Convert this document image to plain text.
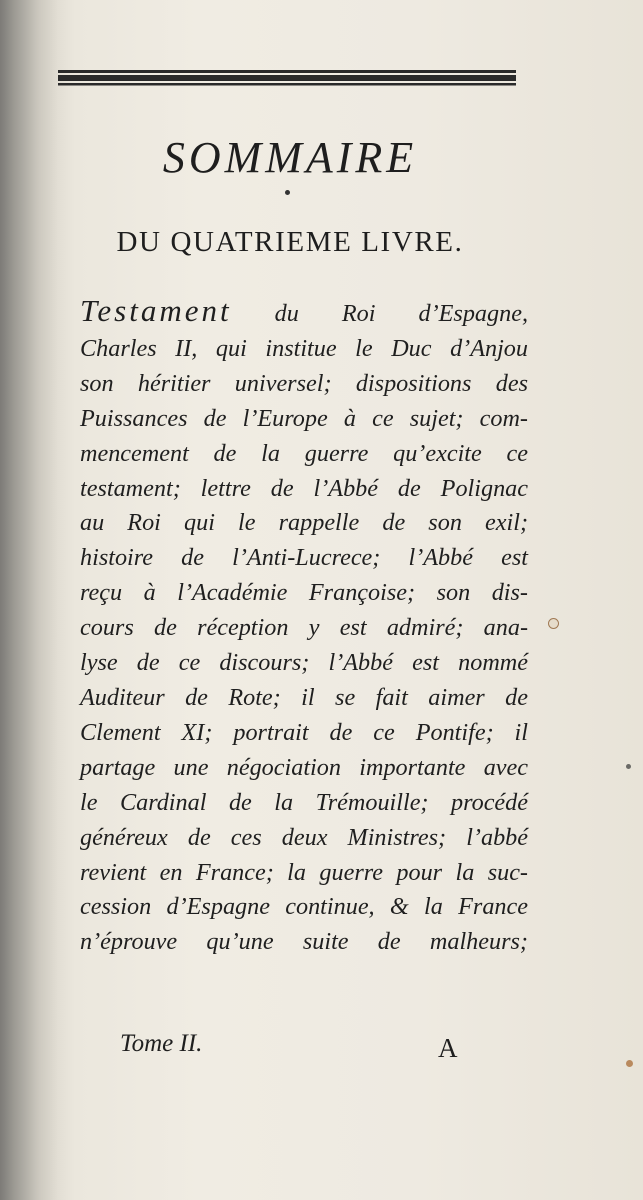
SOMMAIRE
DU QUATRIEME LIVRE.
Testament du Roi d’Espagne,
Charles II, qui institue le Duc d’Anjou
son héritier universel; dispositions des
Puissances de l’Europe à ce sujet; com-
mencement de la guerre qu’excite ce
testament; lettre de l’Abbé de Polignac
au Roi qui le rappelle de son exil;
histoire de l’Anti-Lucrece; l’Abbé est
reçu à l’Académie Françoise; son dis-
cours de réception y est admiré; ana-
lyse de ce discours; l’Abbé est nommé
Auditeur de Rote; il se fait aimer de
Clement XI; portrait de ce Pontife; il
partage une négociation importante avec
le Cardinal de la Trémouille; procédé
généreux de ces deux Ministres; l’abbé
revient en France; la guerre pour la suc-
cession d’Espagne continue, & la France
n’éprouve qu’une suite de malheurs;
Tome II.	A
